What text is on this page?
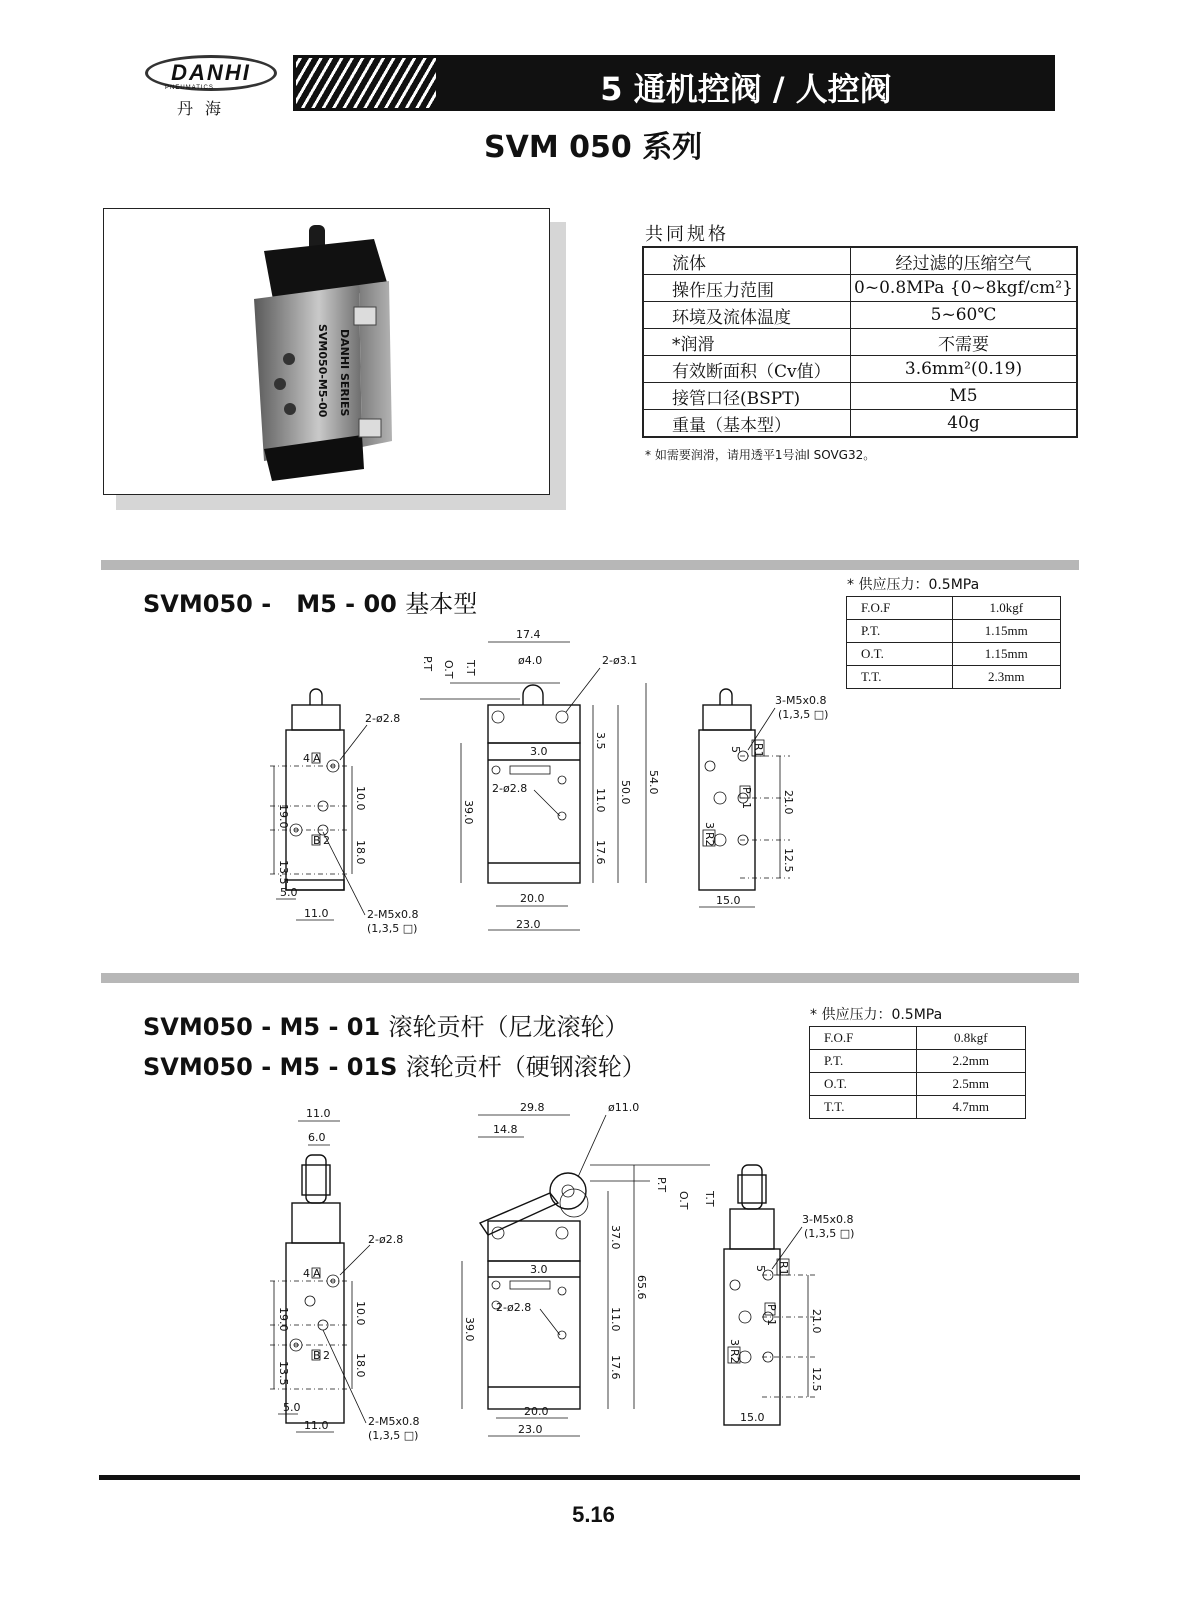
DANHI
PNEUMATICS
丹海
5 通机控阀 / 人控阀
SVM 050 系列
SVM050-M5-00 DANHI SERIES
共同规格
流体	经过滤的压缩空气
操作压力范围	0~0.8MPa {0~8kgf/cm²}
环境及流体温度	5~60℃
*润滑	不需要
有效断面积（Cv值）	3.6mm²(0.19)
接管口径(BSPT)	M5
重量（基本型）	40g
* 如需要润滑，请用透平1号油l SOVG32。
SVM050 -   M5 - 00 基本型
* 供应压力：0.5MPa
F.O.F	1.0kgf
P.T.	1.15mm
O.T.	1.15mm
T.T.	2.3mm
A
4
B 2
19.0
13.5
10.0
18.0
2-ø2.8
5.0
11.0	2-M5x0.8
(1,3,5 □)
17.4
ø4.0	2-ø3.1
P.T O.T T.T
3.0
2-ø2.8
3.5
11.0
17.6
50.0 54.0
39.0
20.0
23.0
R1
5
P
1
R2
3
21.0
12.5
3-M5x0.8
(1,3,5 □)
15.0
SVM050 - M5 - 01 滚轮贡杆（尼龙滚轮）
SVM050 - M5 - 01S 滚轮贡杆（硬钢滚轮）
* 供应压力：0.5MPa
F.O.F	0.8kgf
P.T.	2.2mm
O.T.	2.5mm
T.T.	4.7mm
11.0
6.0
A
4
B 2
19.0
13.5
10.0
18.0
2-ø2.8
5.0
11.0	2-M5x0.8
(1,3,5 □)
29.8
14.8
ø11.0
P.T
O.T T.T
3.0
2-ø2.8
37.0
11.0
17.6
65.6
39.0
20.0
23.0
R1
5
P
1
R2
3
21.0
12.5
3-M5x0.8
(1,3,5 □)
15.0
5.16
